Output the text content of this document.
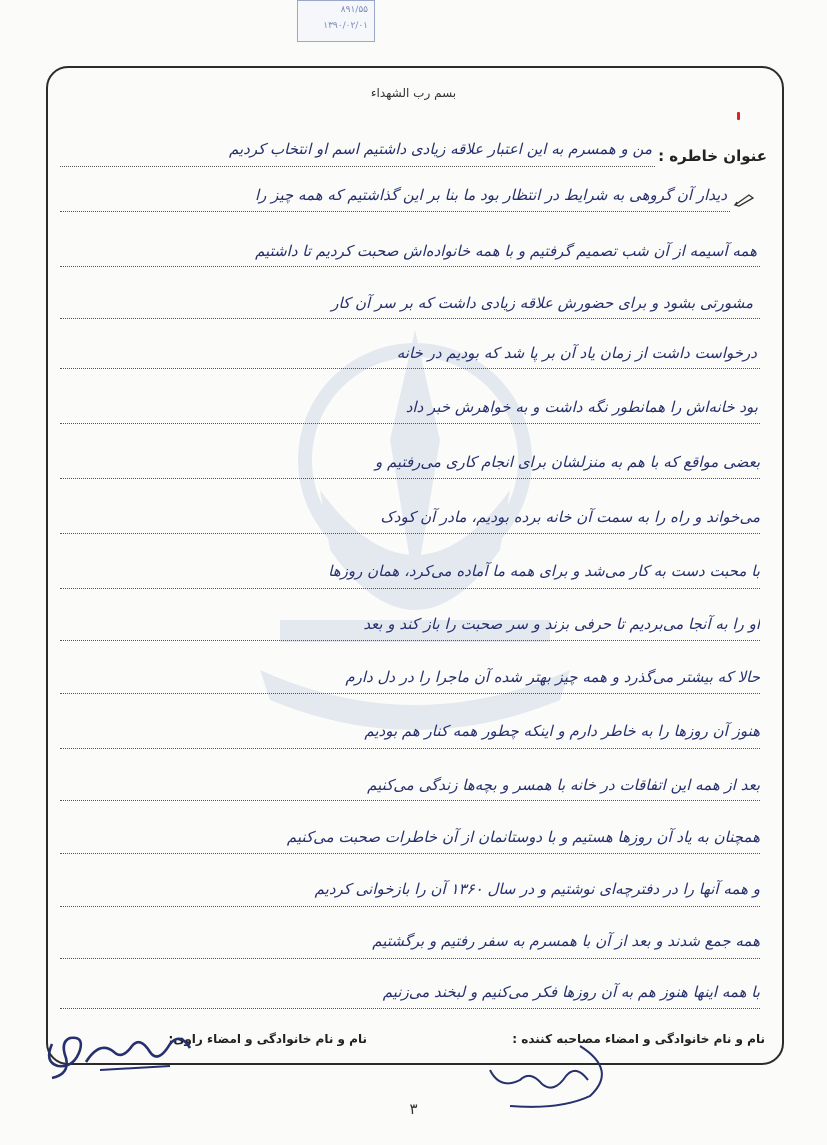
۸۹۱/۵۵
۱۳۹۰/۰۲/۰۱
بسم رب الشهداء
عنوان خاطره :
من و همسرم به این اعتبار علاقه زیادی داشتیم اسم او انتخاب کردیم
دیدار آن گروهی به شرایط در انتظار بود ما بنا بر این گذاشتیم که همه چیز را
همه آسیمه از آن شب تصمیم گرفتیم و با همه خانواده‌اش صحبت کردیم تا داشتیم
مشورتی بشود و برای حضورش علاقه زیادی داشت که بر سر آن کار
درخواست داشت از زمان یاد آن بر پا شد که بودیم در خانه
بود خانه‌اش را همانطور نگه داشت و به خواهرش خبر داد
بعضی مواقع که با هم به منزلشان برای انجام کاری می‌رفتیم و
می‌خواند و راه را به سمت آن خانه برده بودیم، مادر آن کودک
با محبت دست به کار می‌شد و برای همه ما آماده می‌کرد، همان روزها
او را به آنجا می‌بردیم تا حرفی بزند و سر صحبت را باز کند و بعد
حالا که بیشتر می‌گذرد و همه چیز بهتر شده آن ماجرا را در دل دارم
هنوز آن روزها را به خاطر دارم و اینکه چطور همه کنار هم بودیم
بعد از همه این اتفاقات در خانه با همسر و بچه‌ها زندگی می‌کنیم
همچنان به یاد آن روزها هستیم و با دوستانمان از آن خاطرات صحبت می‌کنیم
و همه آنها را در دفترچه‌ای نوشتیم و در سال ۱۳۶۰ آن را بازخوانی کردیم
همه جمع شدند و بعد از آن با همسرم به سفر رفتیم و برگشتیم
با همه اینها هنوز هم به آن روزها فکر می‌کنیم و لبخند می‌زنیم
نام و نام خانوادگی و امضاء راوی:	نام و نام خانوادگی و امضاء مصاحبه کننده :
۳
